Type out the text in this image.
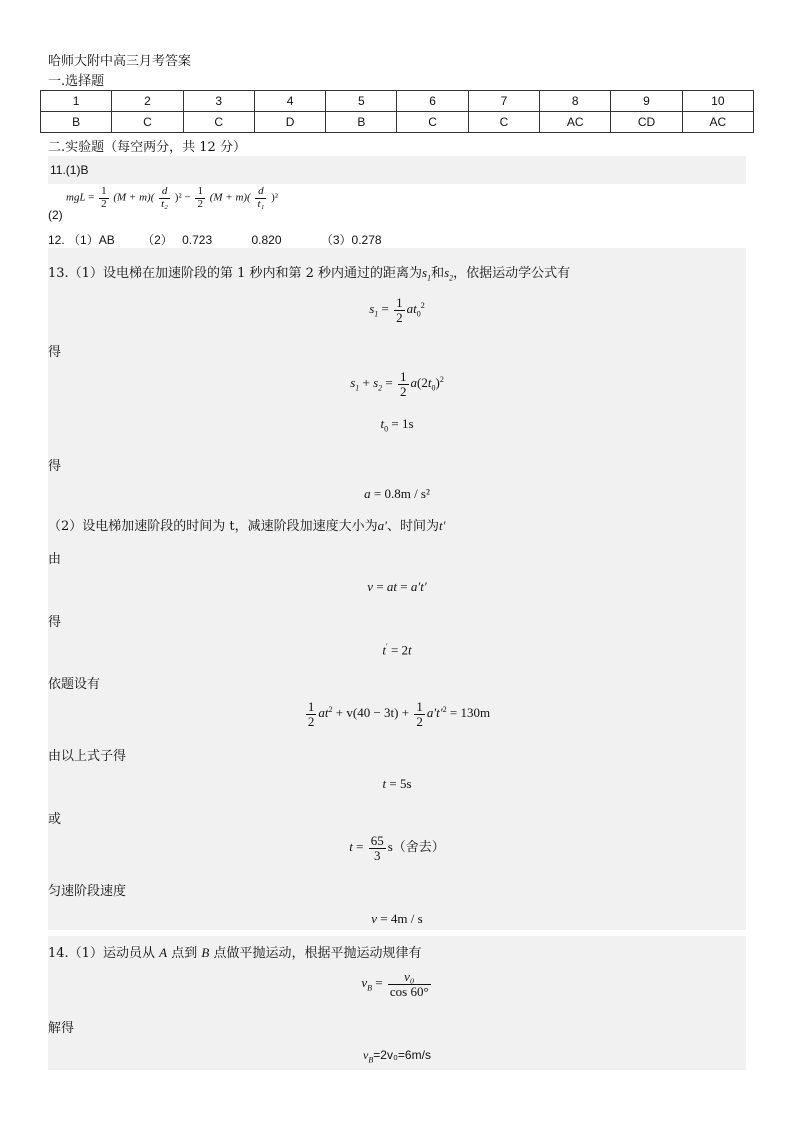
哈师大附中高三月考答案
一.选择题
1	2	3	4	5	6	7	8	9	10
B	C	C	D	B	C	C	AC	CD	AC
二.实验题（每空两分，共 12 分）
11.(1)B
(2)
mgL = $\frac{1}{2} (M + m)( \frac{d}{\text{t₂}} )^2 - \frac{1}{2} (M + m)( \frac{d}{\text{t₁}} )^2$
12. （1）AB （2） 0.723	0.820	（3）0.278
13.（1）设电梯在加速阶段的第 1 秒内和第 2 秒内通过的距离为$s_1$和$s_2$，依据运动学公式有
$s_1 = \frac{1}{2} at_0^2$
得
$s_1 + s_2 = \frac{1}{2} a(2t_0)^2$
$t_0 = 1s$
得
a = 0.8m / s²
（2）设电梯加速阶段的时间为 t，减速阶段加速度大小为a′、时间为t′
由
v = at = a′t′
得
t′ = 2t
依题设有
$\frac{1}{2} at^2 + v(40 - 3t) + \frac{1}{2} a't'^2 = 130m$
由以上式子得
t = 5s
或
$t = \frac{65}{3} s$（舍去）
匀速阶段速度
v = 4m / s
14.（1）运动员从 A 点到 B 点做平抛运动，根据平抛运动规律有
$v_B = \frac{\text{v₀}}{\cos 60^\circ}$
解得
$v_B=2v_0=6m/s$
